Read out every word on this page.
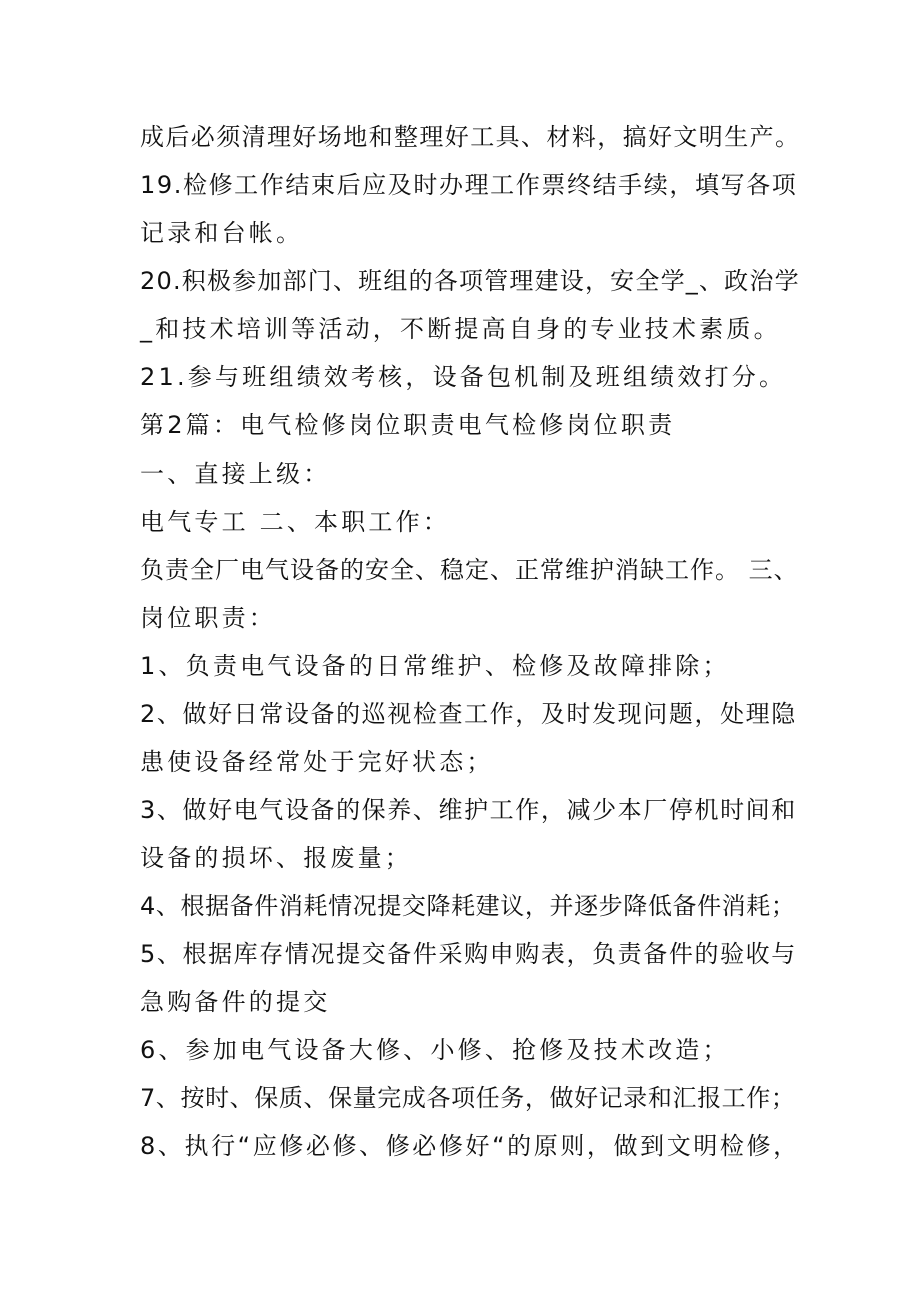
成后必须清理好场地和整理好工具、材料，搞好文明生产。
19.检修工作结束后应及时办理工作票终结手续，填写各项
记录和台帐。
20.积极参加部门、班组的各项管理建设，安全学_、政治学
_和技术培训等活动，不断提高自身的专业技术素质。
21.参与班组绩效考核，设备包机制及班组绩效打分。
第2篇：电气检修岗位职责电气检修岗位职责
一、直接上级：
电气专工 二、本职工作：
负责全厂电气设备的安全、稳定、正常维护消缺工作。 三、
岗位职责：
1、负责电气设备的日常维护、检修及故障排除；
2、做好日常设备的巡视检查工作，及时发现问题，处理隐
患使设备经常处于完好状态；
3、做好电气设备的保养、维护工作，减少本厂停机时间和
设备的损坏、报废量；
4、根据备件消耗情况提交降耗建议，并逐步降低备件消耗；
5、根据库存情况提交备件采购申购表，负责备件的验收与
急购备件的提交
6、参加电气设备大修、小修、抢修及技术改造；
7、按时、保质、保量完成各项任务，做好记录和汇报工作；
8、执行“应修必修、修必修好“的原则，做到文明检修，
